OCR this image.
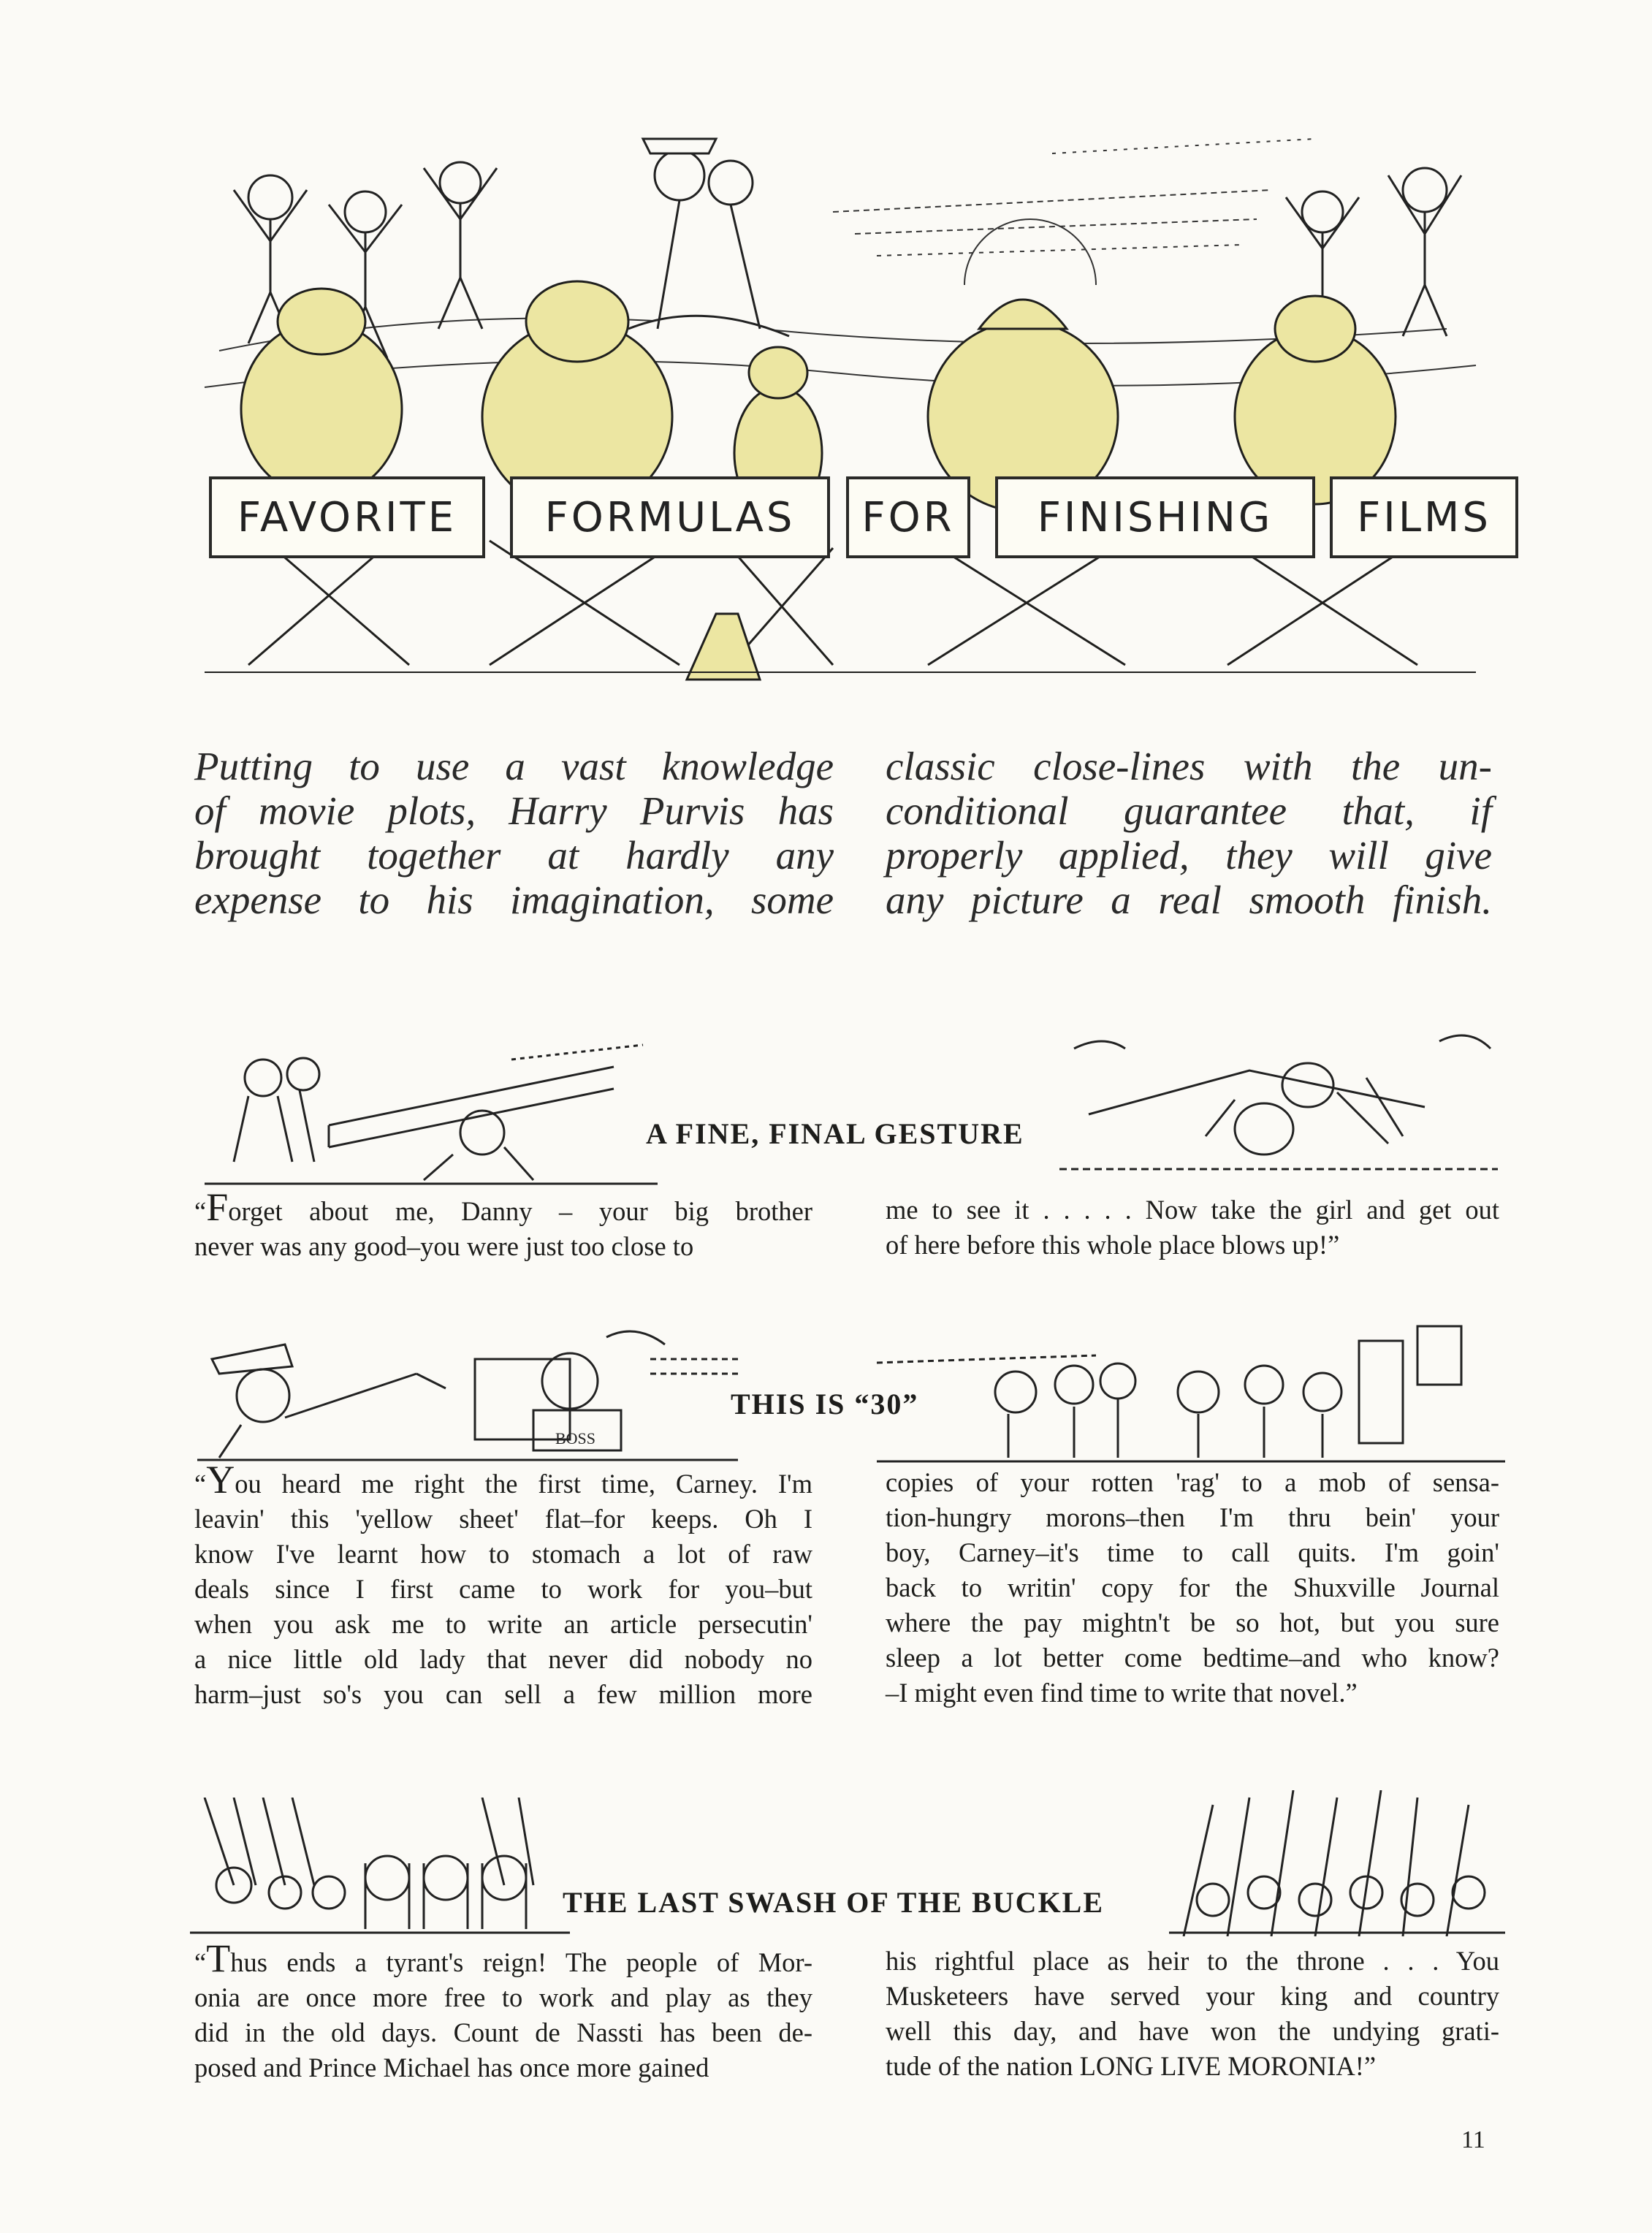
FAVORITE	FORMULAS	FOR	FINISHING	FILMS
Putting to use a vast knowledge
of movie plots, Harry Purvis has
brought together at hardly any
expense to his imagination, some
classic close-lines with the un-
conditional guarantee that, if
properly applied, they will give
any picture a real smooth finish.
A FINE, FINAL GESTURE
“Forget about me, Danny – your big brother
never was any good–you were just too close to
me to see it . . . . . Now take the girl and get out
of here before this whole place blows up!”
BOSS
THIS IS “30”
“You heard me right the first time, Carney. I'm
leavin' this 'yellow sheet' flat–for keeps. Oh I
know I've learnt how to stomach a lot of raw
deals since I first came to work for you–but
when you ask me to write an article persecutin'
a nice little old lady that never did nobody no
harm–just so's you can sell a few million more
copies of your rotten 'rag' to a mob of sensa-
tion-hungry morons–then I'm thru bein' your
boy, Carney–it's time to call quits. I'm goin'
back to writin' copy for the Shuxville Journal
where the pay mightn't be so hot, but you sure
sleep a lot better come bedtime–and who know?
–I might even find time to write that novel.”
THE LAST SWASH OF THE BUCKLE
“Thus ends a tyrant's reign! The people of Mor-
onia are once more free to work and play as they
did in the old days. Count de Nassti has been de-
posed and Prince Michael has once more gained
his rightful place as heir to the throne . . . You
Musketeers have served your king and country
well this day, and have won the undying grati-
tude of the nation LONG LIVE MORONIA!”
11
